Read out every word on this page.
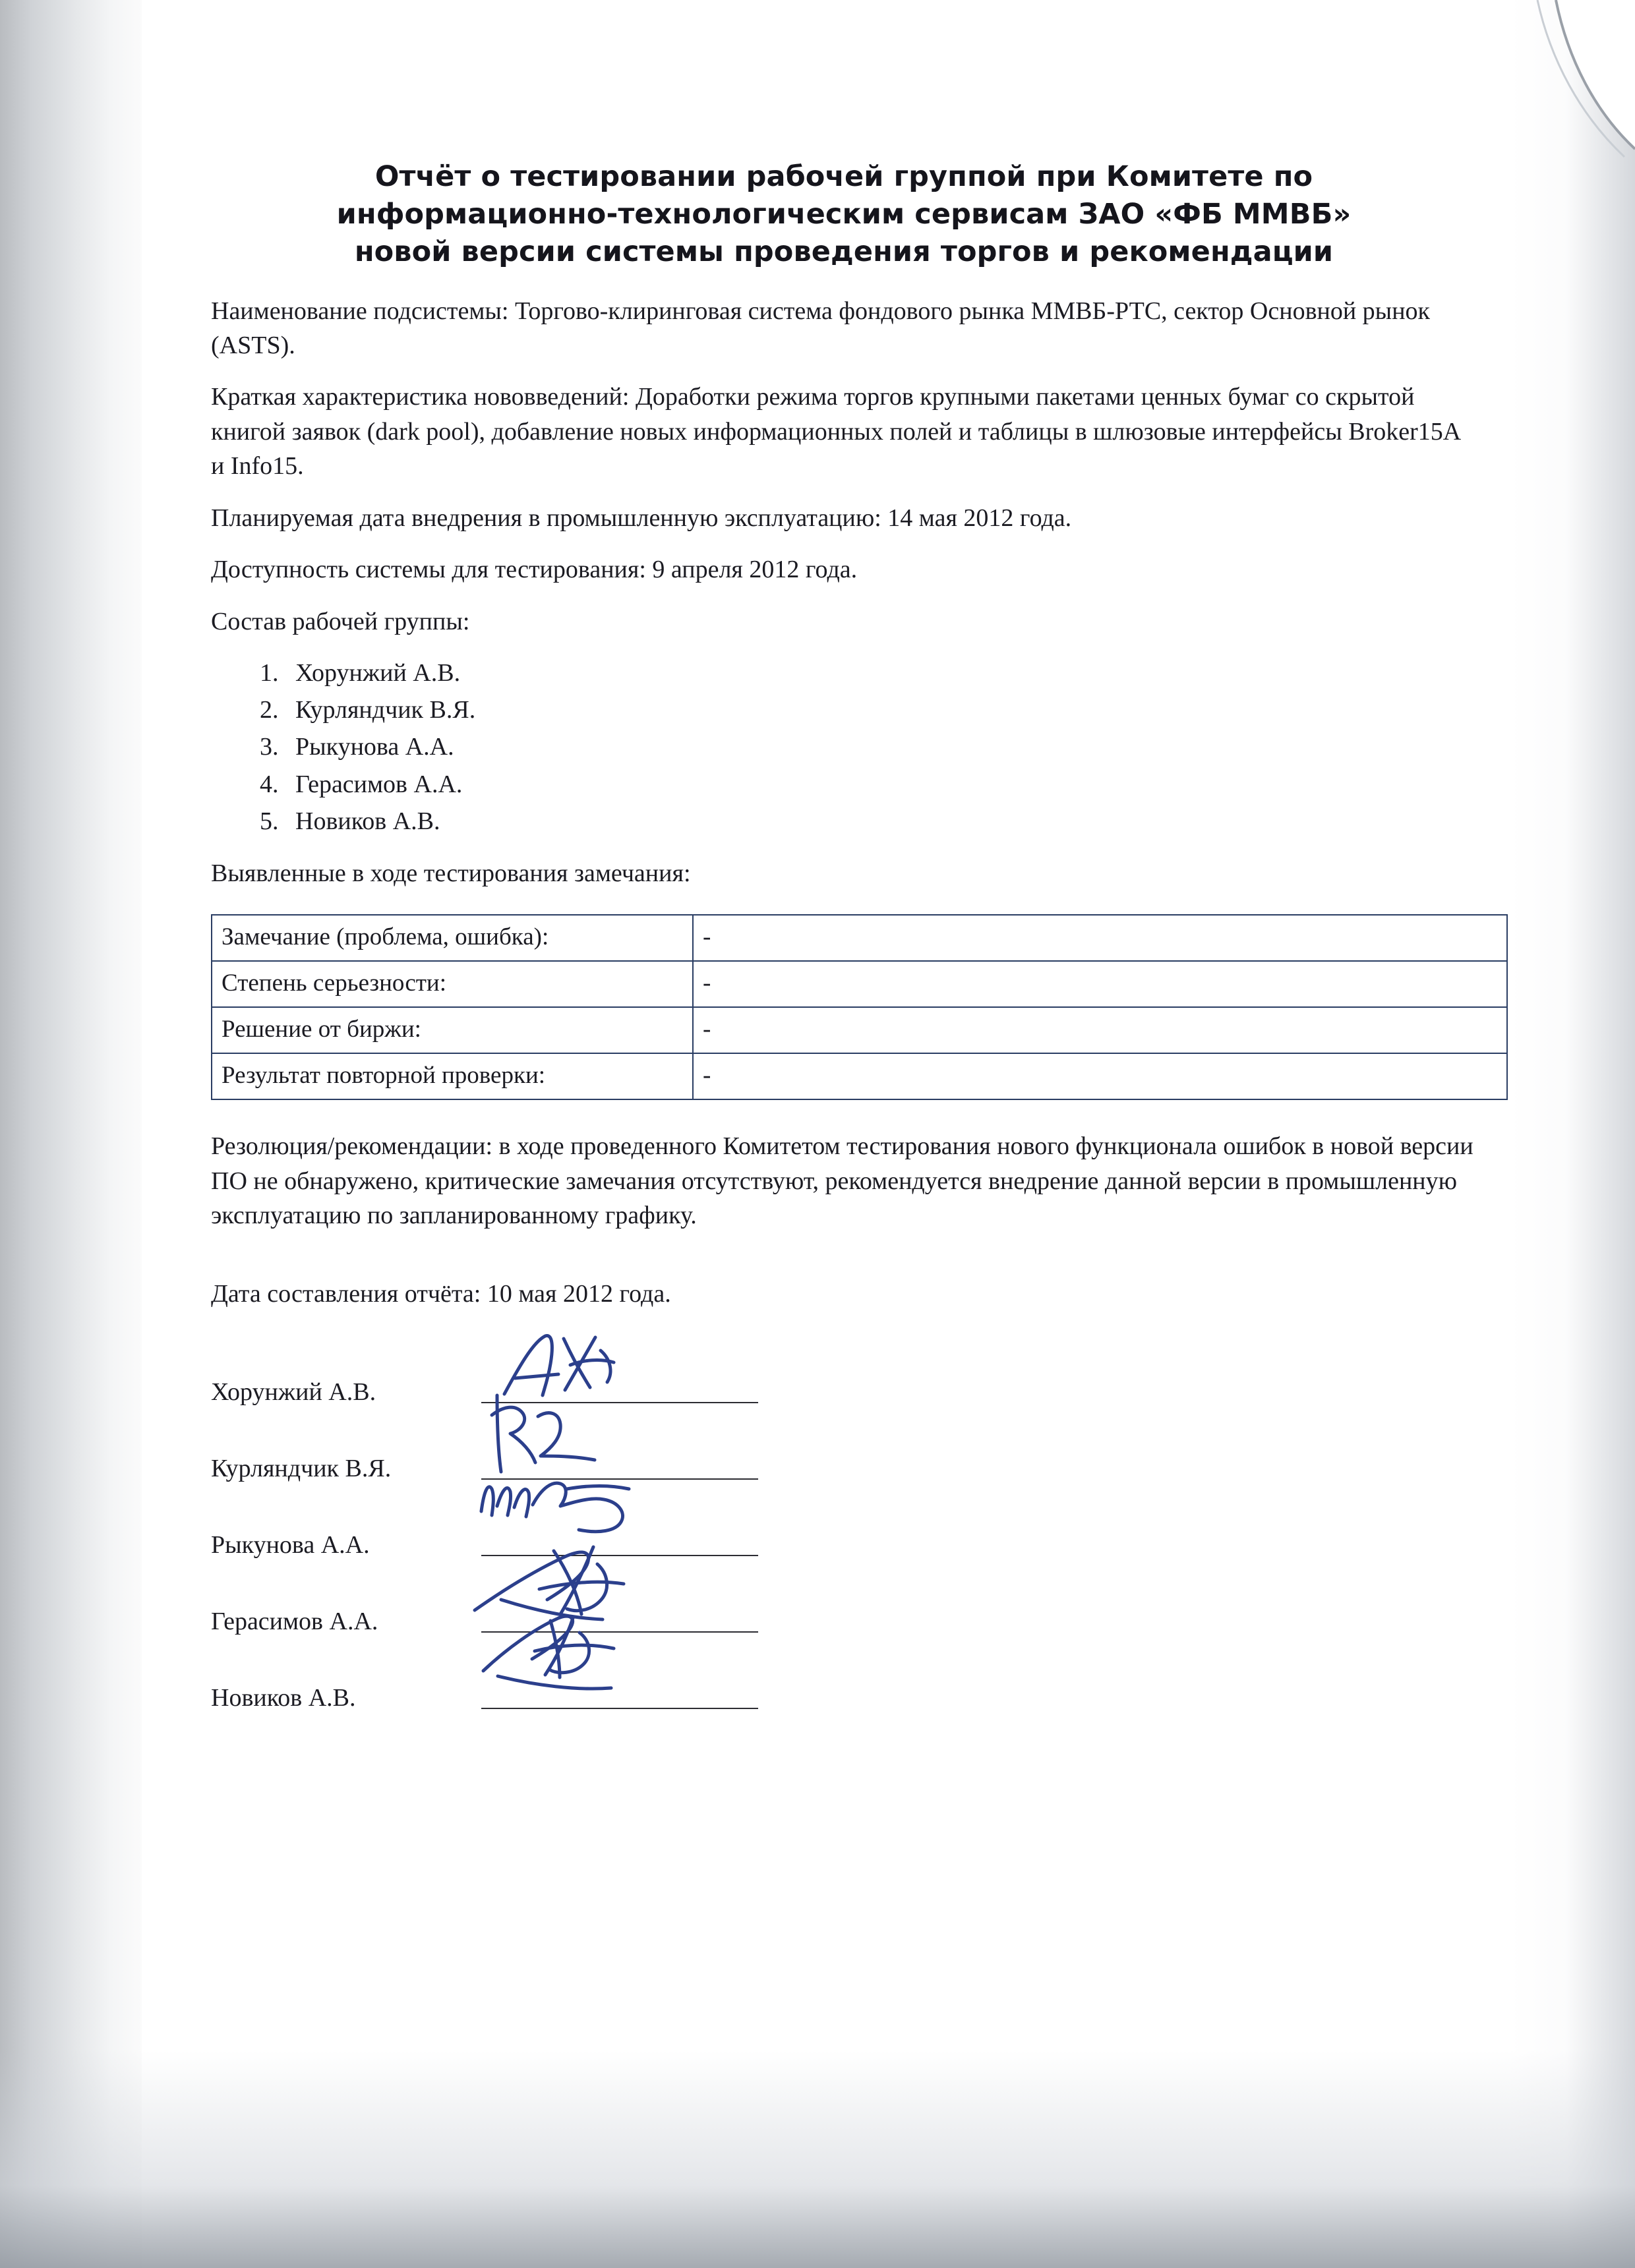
Отчёт о тестировании рабочей группой при Комитете по
информационно-технологическим сервисам ЗАО «ФБ ММВБ»
новой версии системы проведения торгов и рекомендации

Наименование подсистемы: Торгово-клиринговая система фондового рынка ММВБ-РТС, сектор Основной рынок (ASTS).

Краткая характеристика нововведений: Доработки режима торгов крупными пакетами ценных бумаг со скрытой книгой заявок (dark pool), добавление новых информационных полей и таблицы в шлюзовые интерфейсы Broker15A и Info15.

Планируемая дата внедрения в промышленную эксплуатацию: 14 мая 2012 года.

Доступность системы для тестирования: 9 апреля 2012 года.

Состав рабочей группы:

1. Хорунжий А.В.
2. Курляндчик В.Я.
3. Рыкунова А.А.
4. Герасимов А.А.
5. Новиков А.В.

Выявленные в ходе тестирования замечания:

Замечание (проблема, ошибка):	-
Степень серьезности:	-
Решение от биржи:	-
Результат повторной проверки:	-

Резолюция/рекомендации: в ходе проведенного Комитетом тестирования нового функционала ошибок в новой версии ПО не обнаружено, критические замечания отсутствуют, рекомендуется внедрение данной версии в промышленную эксплуатацию по запланированному графику.

Дата составления отчёта: 10 мая 2012 года.

Хорунжий А.В.
Курляндчик В.Я.
Рыкунова А.А.
Герасимов А.А.
Новиков А.В.
